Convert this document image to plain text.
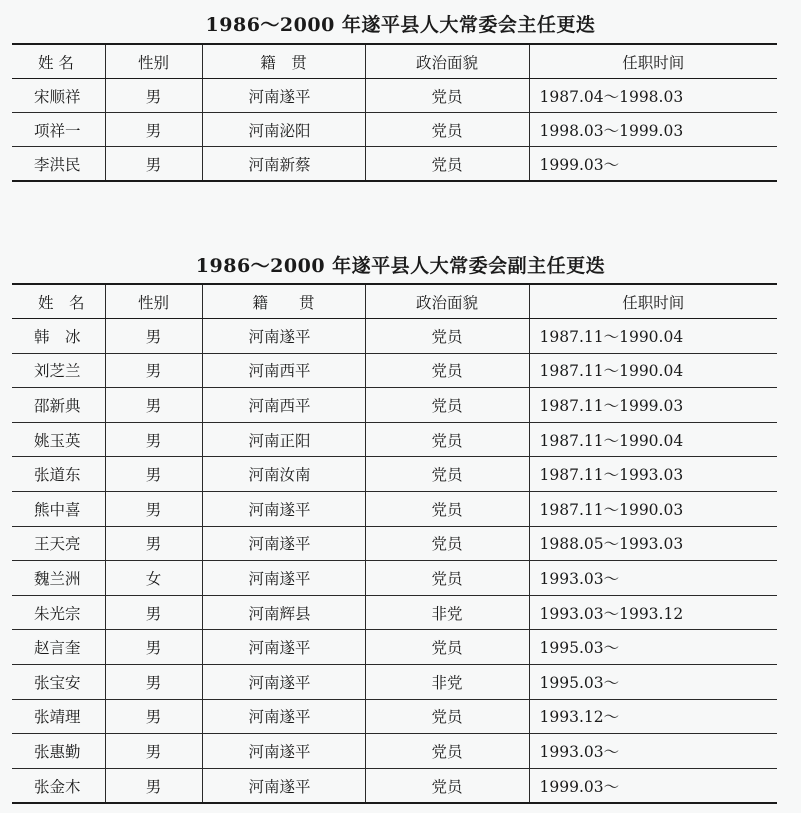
1986～2000 年遂平县人大常委会主任更迭
姓 名	性别	籍　贯	政治面貌	任职时间
宋顺祥	男	河南遂平	党员	1987.04～1998.03
项祥一	男	河南泌阳	党员	1998.03～1999.03
李洪民	男	河南新蔡	党员	1999.03～
1986～2000 年遂平县人大常委会副主任更迭
姓　名	性别	籍　　贯	政治面貌	任职时间
韩　冰	男	河南遂平	党员	1987.11～1990.04
刘芝兰	男	河南西平	党员	1987.11～1990.04
邵新典	男	河南西平	党员	1987.11～1999.03
姚玉英	男	河南正阳	党员	1987.11～1990.04
张道东	男	河南汝南	党员	1987.11～1993.03
熊中喜	男	河南遂平	党员	1987.11～1990.03
王天亮	男	河南遂平	党员	1988.05～1993.03
魏兰洲	女	河南遂平	党员	1993.03～
朱光宗	男	河南辉县	非党	1993.03～1993.12
赵言奎	男	河南遂平	党员	1995.03～
张宝安	男	河南遂平	非党	1995.03～
张靖理	男	河南遂平	党员	1993.12～
张惠勤	男	河南遂平	党员	1993.03～
张金木	男	河南遂平	党员	1999.03～
